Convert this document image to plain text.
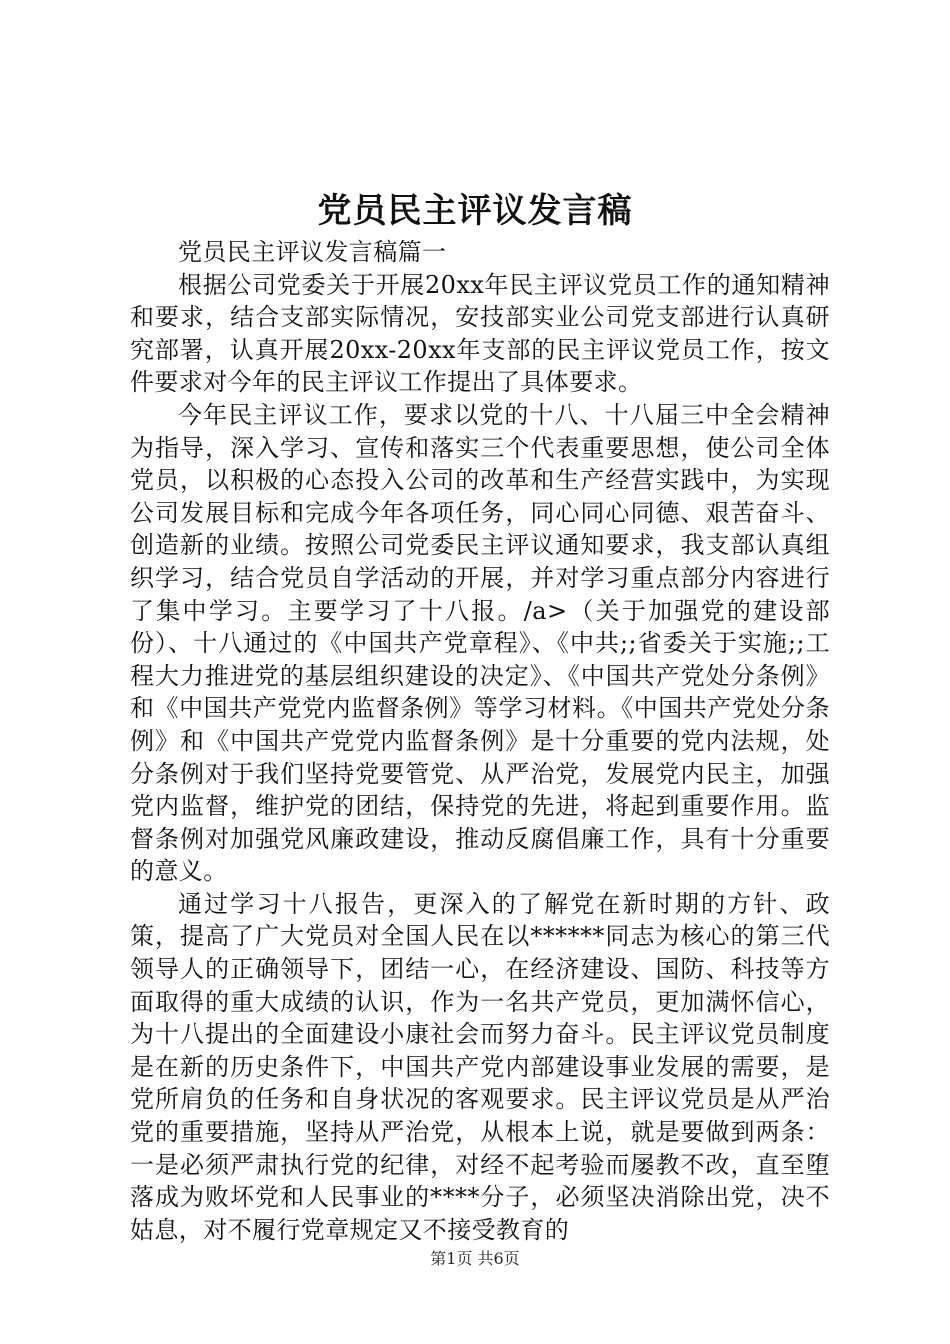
党员民主评议发言稿

党员民主评议发言稿篇一

根据公司党委关于开展20xx年民主评议党员工作的通知精神和要求，结合支部实际情况，安技部实业公司党支部进行认真研究部署，认真开展20xx-20xx年支部的民主评议党员工作，按文件要求对今年的民主评议工作提出了具体要求。

今年民主评议工作，要求以党的十八、十八届三中全会精神为指导，深入学习、宣传和落实三个代表重要思想，使公司全体党员，以积极的心态投入公司的改革和生产经营实践中，为实现公司发展目标和完成今年各项任务，同心同心同德、艰苦奋斗、创造新的业绩。按照公司党委民主评议通知要求，我支部认真组织学习，结合党员自学活动的开展，并对学习重点部分内容进行了集中学习。主要学习了十八报。/a>（关于加强党的建设部份）、十八通过的《中国共产党章程》、《中共;;省委关于实施;;工程大力推进党的基层组织建设的决定》、《中国共产党处分条例》和《中国共产党党内监督条例》等学习材料。《中国共产党处分条例》和《中国共产党党内监督条例》是十分重要的党内法规，处分条例对于我们坚持党要管党、从严治党，发展党内民主，加强党内监督，维护党的团结，保持党的先进，将起到重要作用。监督条例对加强党风廉政建设，推动反腐倡廉工作，具有十分重要的意义。

通过学习十八报告，更深入的了解党在新时期的方针、政策，提高了广大党员对全国人民在以******同志为核心的第三代领导人的正确领导下，团结一心，在经济建设、国防、科技等方面取得的重大成绩的认识，作为一名共产党员，更加满怀信心，为十八提出的全面建设小康社会而努力奋斗。民主评议党员制度是在新的历史条件下，中国共产党内部建设事业发展的需要，是党所肩负的任务和自身状况的客观要求。民主评议党员是从严治党的重要措施，坚持从严治党，从根本上说，就是要做到两条：一是必须严肃执行党的纪律，对经不起考验而屡教不改，直至堕落成为败坏党和人民事业的****分子，必须坚决消除出党，决不姑息，对不履行党章规定又不接受教育的

第1页 共6页
